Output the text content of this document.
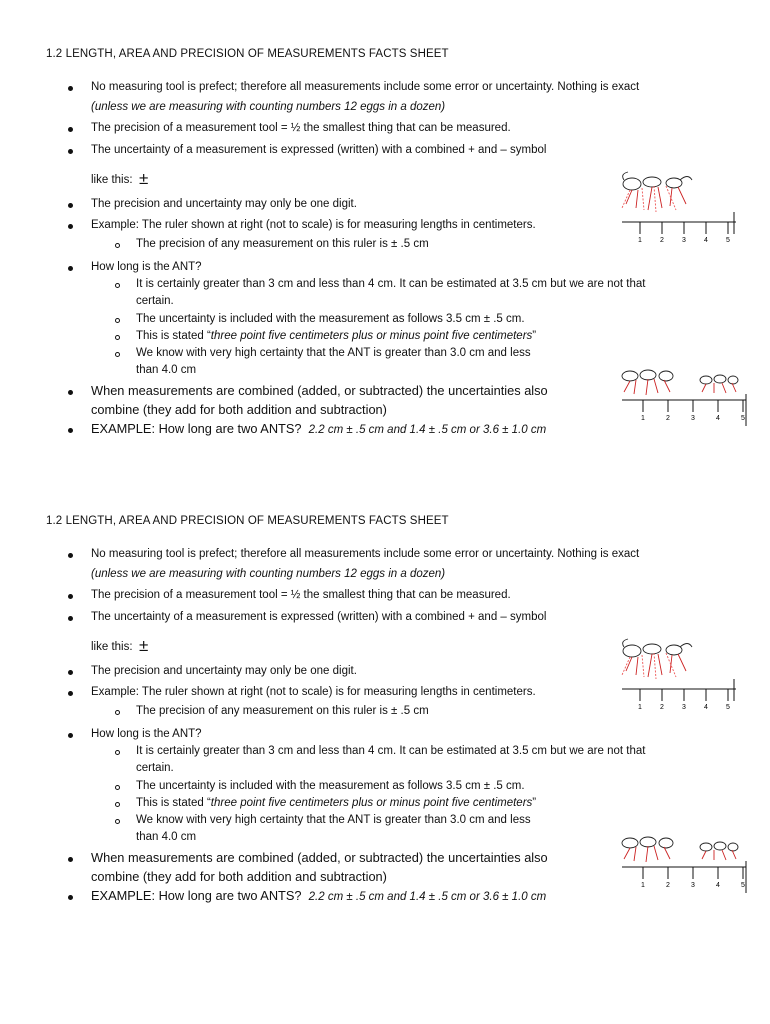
1.2 LENGTH, AREA AND PRECISION OF MEASUREMENTS FACTS SHEET
No measuring tool is prefect; therefore all measurements include some error or uncertainty. Nothing is exact
(unless we are measuring with counting numbers 12 eggs in a dozen)
The precision of a measurement tool = ½ the smallest thing that can be measured.
The uncertainty of a measurement is expressed (written) with a combined + and – symbol
like this: ±
The precision and uncertainty may only be one digit.
Example: The ruler shown at right (not to scale) is for measuring lengths in centimeters.
The precision of any measurement on this ruler is ± .5 cm
How long is the ANT?
It is certainly greater than 3 cm and less than 4 cm. It can be estimated at 3.5 cm but we are not that
certain.
The uncertainty is included with the measurement as follows 3.5 cm ± .5 cm.
This is stated “three point five centimeters plus or minus point five centimeters”
We know with very high certainty that the ANT is greater than 3.0 cm and less
than 4.0 cm
When measurements are combined (added, or subtracted) the uncertainties also
combine (they add for both addition and subtraction)
EXAMPLE: How long are two ANTS? 2.2 cm ± .5 cm and 1.4 ± .5 cm or 3.6 ± 1.0 cm
1	2	3	4	5
1	2	3	4	5
1.2 LENGTH, AREA AND PRECISION OF MEASUREMENTS FACTS SHEET
No measuring tool is prefect; therefore all measurements include some error or uncertainty. Nothing is exact
(unless we are measuring with counting numbers 12 eggs in a dozen)
The precision of a measurement tool = ½ the smallest thing that can be measured.
The uncertainty of a measurement is expressed (written) with a combined + and – symbol
like this: ±
The precision and uncertainty may only be one digit.
Example: The ruler shown at right (not to scale) is for measuring lengths in centimeters.
The precision of any measurement on this ruler is ± .5 cm
How long is the ANT?
It is certainly greater than 3 cm and less than 4 cm. It can be estimated at 3.5 cm but we are not that
certain.
The uncertainty is included with the measurement as follows 3.5 cm ± .5 cm.
This is stated “three point five centimeters plus or minus point five centimeters”
We know with very high certainty that the ANT is greater than 3.0 cm and less
than 4.0 cm
When measurements are combined (added, or subtracted) the uncertainties also
combine (they add for both addition and subtraction)
EXAMPLE: How long are two ANTS? 2.2 cm ± .5 cm and 1.4 ± .5 cm or 3.6 ± 1.0 cm
1	2	3	4	5
1	2	3	4	5
